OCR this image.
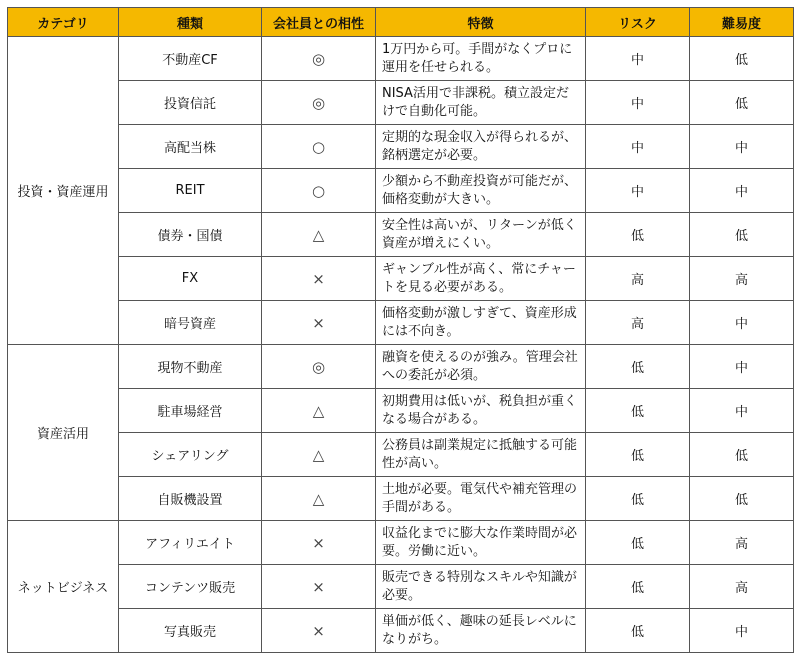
カテゴリ	種類	会社員との相性	特徴	リスク	難易度
投資・資産運用	不動産CF	◎	1万円から可。手間がなくプロに運用を任せられる。	中	低
	投資信託	◎	NISA活用で非課税。積立設定だけで自動化可能。	中	低
	高配当株	○	定期的な現金収入が得られるが、銘柄選定が必要。	中	中
	REIT	○	少額から不動産投資が可能だが、価格変動が大きい。	中	中
	債券・国債	△	安全性は高いが、リターンが低く資産が増えにくい。	低	低
	FX	×	ギャンブル性が高く、常にチャートを見る必要がある。	高	高
	暗号資産	×	価格変動が激しすぎて、資産形成には不向き。	高	中
資産活用	現物不動産	◎	融資を使えるのが強み。管理会社への委託が必須。	低	中
	駐車場経営	△	初期費用は低いが、税負担が重くなる場合がある。	低	中
	シェアリング	△	公務員は副業規定に抵触する可能性が高い。	低	低
	自販機設置	△	土地が必要。電気代や補充管理の手間がある。	低	低
ネットビジネス	アフィリエイト	×	収益化までに膨大な作業時間が必要。労働に近い。	低	高
	コンテンツ販売	×	販売できる特別なスキルや知識が必要。	低	高
	写真販売	×	単価が低く、趣味の延長レベルになりがち。	低	中
